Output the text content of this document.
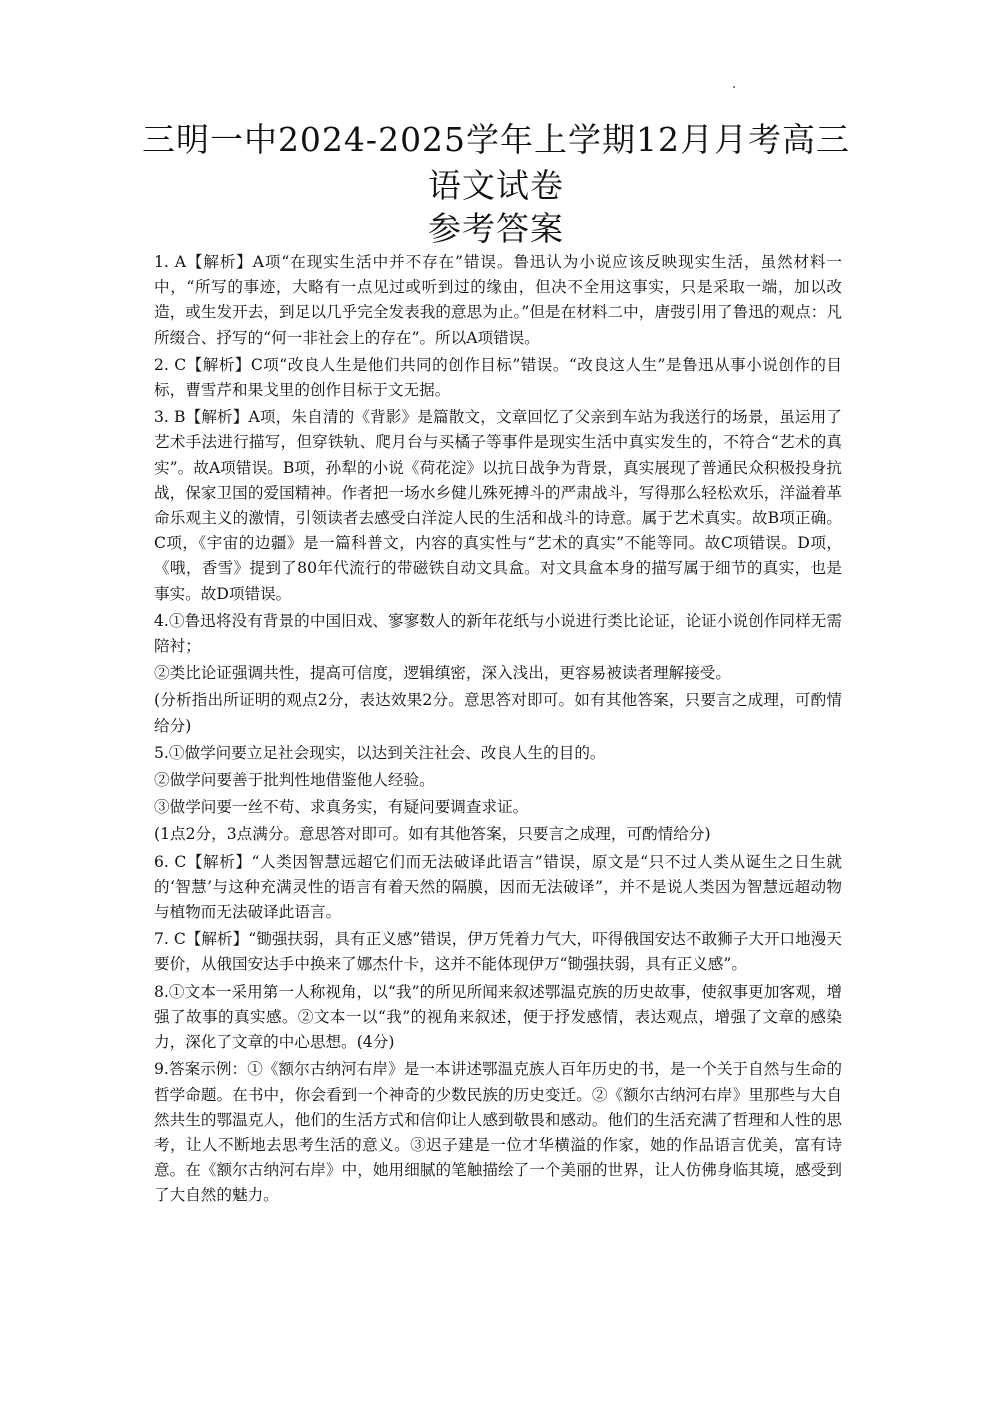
三明一中2024-2025学年上学期12月月考高三
语文试卷
参考答案

1. A【解析】A项“在现实生活中并不存在”错误。鲁迅认为小说应该反映现实生活，虽然材料一中，“所写的事迹，大略有一点见过或听到过的缘由，但决不全用这事实，只是采取一端，加以改造，或生发开去，到足以几乎完全发表我的意思为止。”但是在材料二中，唐弢引用了鲁迅的观点：凡所缀合、抒写的“何一非社会上的存在”。所以A项错误。

2. C【解析】C项“改良人生是他们共同的创作目标”错误。“改良这人生”是鲁迅从事小说创作的目标，曹雪芹和果戈里的创作目标于文无据。

3. B【解析】A项，朱自清的《背影》是篇散文，文章回忆了父亲到车站为我送行的场景，虽运用了艺术手法进行描写，但穿铁轨、爬月台与买橘子等事件是现实生活中真实发生的，不符合“艺术的真实”。故A项错误。B项，孙犁的小说《荷花淀》以抗日战争为背景，真实展现了普通民众积极投身抗战，保家卫国的爱国精神。作者把一场水乡健儿殊死搏斗的严肃战斗，写得那么轻松欢乐，洋溢着革命乐观主义的激情，引领读者去感受白洋淀人民的生活和战斗的诗意。属于艺术真实。故B项正确。C项，《宇宙的边疆》是一篇科普文，内容的真实性与“艺术的真实”不能等同。故C项错误。D项，《哦，香雪》提到了80年代流行的带磁铁自动文具盒。对文具盒本身的描写属于细节的真实，也是事实。故D项错误。

4.①鲁迅将没有背景的中国旧戏、寥寥数人的新年花纸与小说进行类比论证，论证小说创作同样无需陪衬；

②类比论证强调共性，提高可信度，逻辑缜密，深入浅出，更容易被读者理解接受。

(分析指出所证明的观点2分，表达效果2分。意思答对即可。如有其他答案，只要言之成理，可酌情给分)

5.①做学问要立足社会现实，以达到关注社会、改良人生的目的。

②做学问要善于批判性地借鉴他人经验。

③做学问要一丝不苟、求真务实，有疑问要调查求证。

(1点2分，3点满分。意思答对即可。如有其他答案，只要言之成理，可酌情给分)

6. C【解析】“人类因智慧远超它们而无法破译此语言”错误，原文是“只不过人类从诞生之日生就的‘智慧’与这种充满灵性的语言有着天然的隔膜，因而无法破译”，并不是说人类因为智慧远超动物与植物而无法破译此语言。

7. C【解析】“锄强扶弱，具有正义感”错误，伊万凭着力气大，吓得俄国安达不敢狮子大开口地漫天要价，从俄国安达手中换来了娜杰什卡，这并不能体现伊万“锄强扶弱，具有正义感”。

8.①文本一采用第一人称视角，以“我”的所见所闻来叙述鄂温克族的历史故事，使叙事更加客观，增强了故事的真实感。②文本一以“我”的视角来叙述，便于抒发感情，表达观点，增强了文章的感染力，深化了文章的中心思想。(4分)

9.答案示例：①《额尔古纳河右岸》是一本讲述鄂温克族人百年历史的书，是一个关于自然与生命的哲学命题。在书中，你会看到一个神奇的少数民族的历史变迁。②《额尔古纳河右岸》里那些与大自然共生的鄂温克人，他们的生活方式和信仰让人感到敬畏和感动。他们的生活充满了哲理和人性的思考，让人不断地去思考生活的意义。③迟子建是一位才华横溢的作家，她的作品语言优美，富有诗意。在《额尔古纳河右岸》中，她用细腻的笔触描绘了一个美丽的世界，让人仿佛身临其境，感受到了大自然的魅力。
